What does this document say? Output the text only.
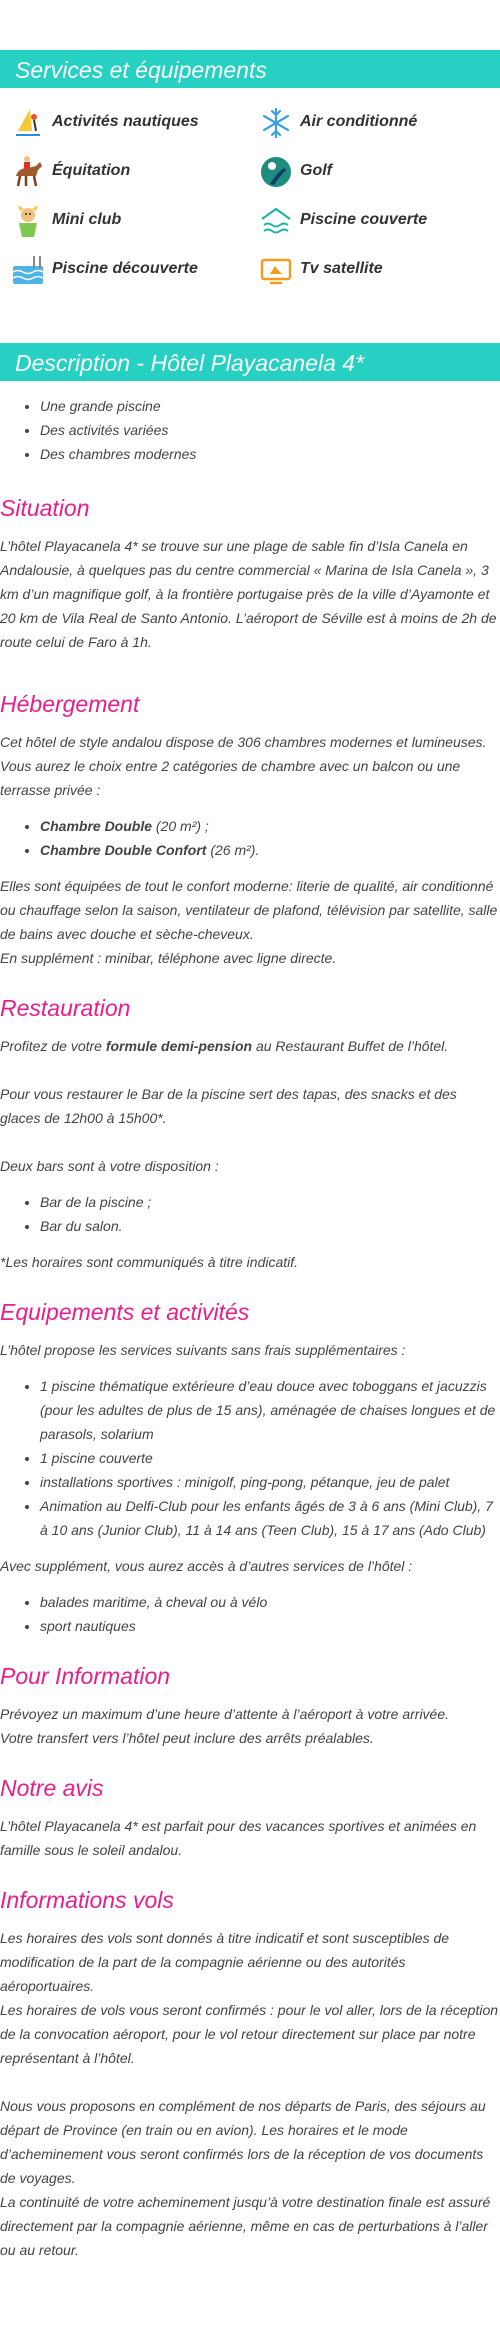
Services et équipements
Activités nautiques	Air conditionné
Équitation	Golf
Mini club	Piscine couverte
Piscine découverte	Tv satellite
Description - Hôtel Playacanela 4*
• Une grande piscine
• Des activités variées
• Des chambres modernes
Situation

L’hôtel Playacanela 4* se trouve sur une plage de sable fin d’Isla Canela en Andalousie, à quelques pas du centre commercial « Marina de Isla Canela », 3 km d’un magnifique golf, à la frontière portugaise près de la ville d’Ayamonte et 20 km de Vila Real de Santo Antonio. L’aéroport de Séville est à moins de 2h de route celui de Faro à 1h.

Hébergement

Cet hôtel de style andalou dispose de 306 chambres modernes et lumineuses. Vous aurez le choix entre 2 catégories de chambre avec un balcon ou une terrasse privée :

• Chambre Double (20 m²) ;
• Chambre Double Confort (26 m²).

Elles sont équipées de tout le confort moderne: literie de qualité, air conditionné ou chauffage selon la saison, ventilateur de plafond, télévision par satellite, salle de bains avec douche et sèche-cheveux.

En supplément : minibar, téléphone avec ligne directe.

Restauration

Profitez de votre formule demi-pension au Restaurant Buffet de l’hôtel.

Pour vous restaurer le Bar de la piscine sert des tapas, des snacks et des glaces de 12h00 à 15h00*.

Deux bars sont à votre disposition :

• Bar de la piscine ;
• Bar du salon.

*Les horaires sont communiqués à titre indicatif.

Equipements et activités

L’hôtel propose les services suivants sans frais supplémentaires :

• 1 piscine thématique extérieure d’eau douce avec toboggans et jacuzzis (pour les adultes de plus de 15 ans), aménagée de chaises longues et de parasols, solarium
• 1 piscine couverte
• installations sportives : minigolf, ping-pong, pétanque, jeu de palet
• Animation au Delfi-Club pour les enfants âgés de 3 à 6 ans (Mini Club), 7 à 10 ans (Junior Club), 11 à 14 ans (Teen Club), 15 à 17 ans (Ado Club)

Avec supplément, vous aurez accès à d’autres services de l’hôtel :

• balades maritime, à cheval ou à vélo
• sport nautiques
Pour Information

Prévoyez un maximum d’une heure d’attente à l’aéroport à votre arrivée.

Votre transfert vers l’hôtel peut inclure des arrêts préalables.

Notre avis

L’hôtel Playacanela 4* est parfait pour des vacances sportives et animées en famille sous le soleil andalou.

Informations vols

Les horaires des vols sont donnés à titre indicatif et sont susceptibles de modification de la part de la compagnie aérienne ou des autorités aéroportuaires.

Les horaires de vols vous seront confirmés : pour le vol aller, lors de la réception de la convocation aéroport, pour le vol retour directement sur place par notre représentant à l’hôtel.

Nous vous proposons en complément de nos départs de Paris, des séjours au départ de Province (en train ou en avion). Les horaires et le mode d’acheminement vous seront confirmés lors de la réception de vos documents de voyages.

La continuité de votre acheminement jusqu’à votre destination finale est assuré directement par la compagnie aérienne, même en cas de perturbations à l’aller ou au retour.
